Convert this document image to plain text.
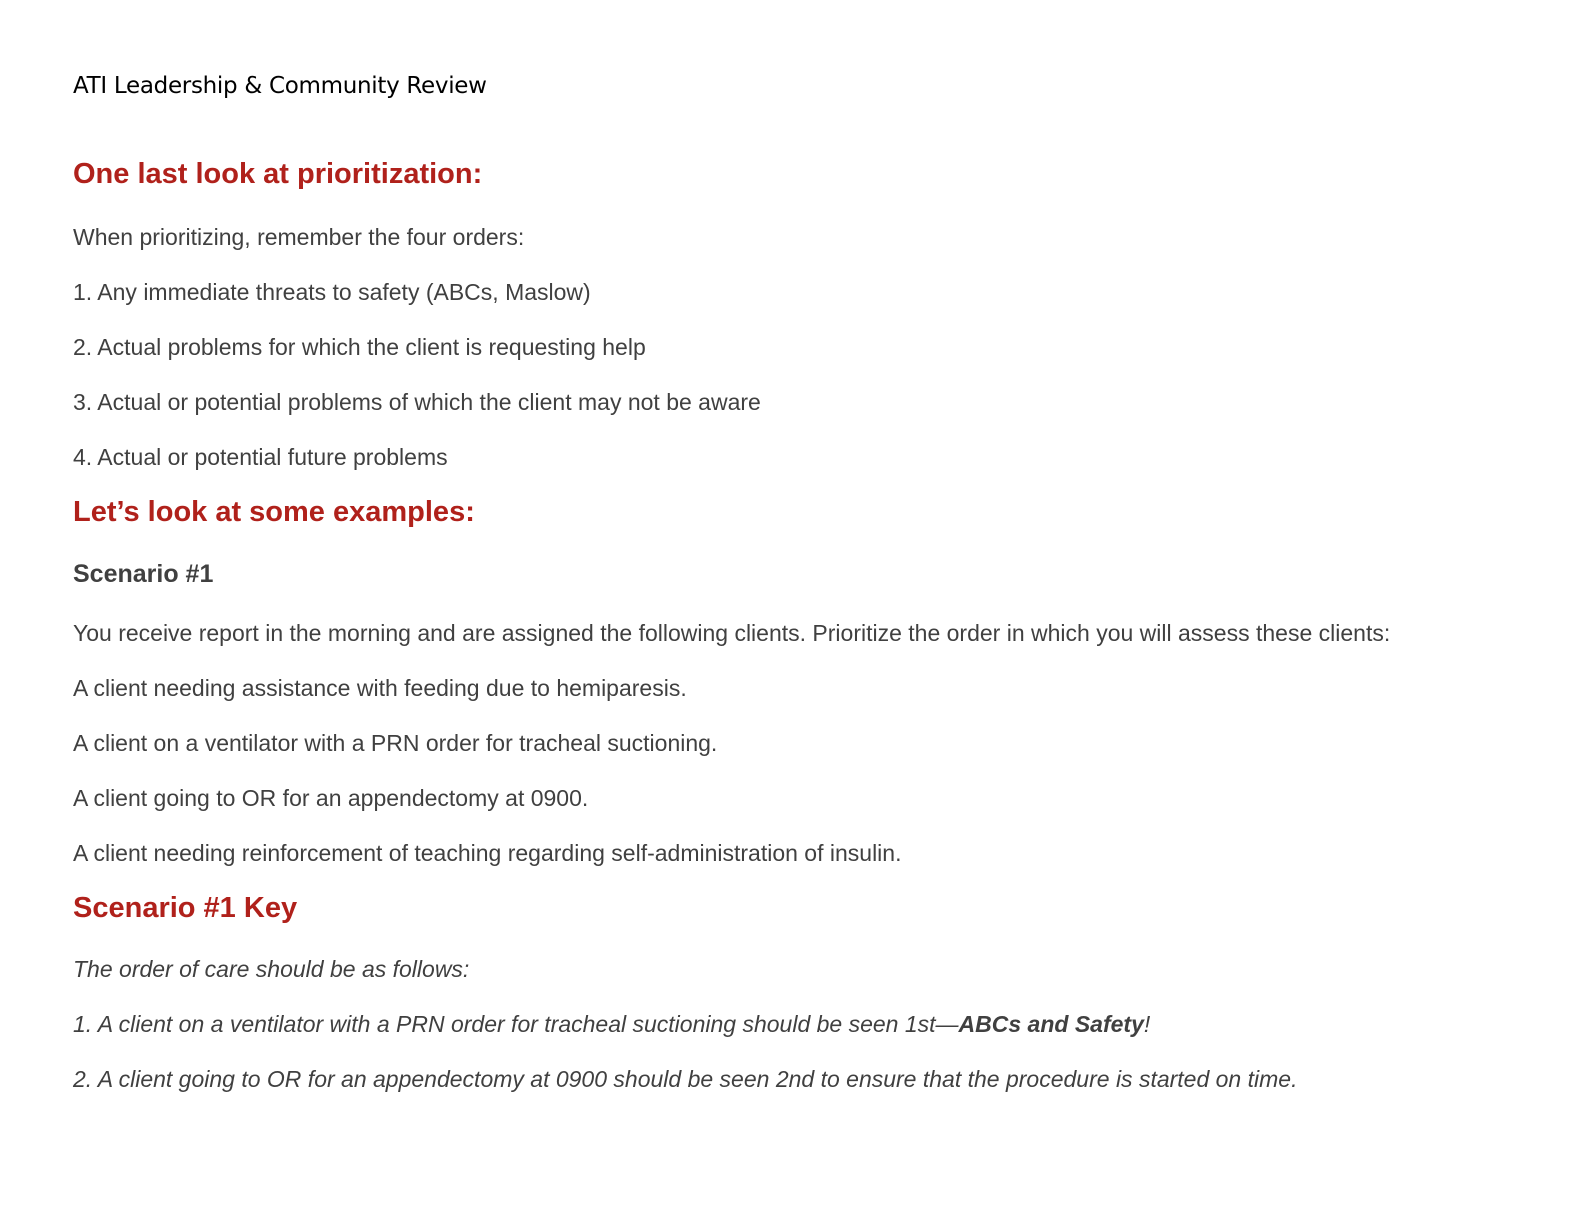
ATI Leadership & Community Review
One last look at prioritization:
When prioritizing, remember the four orders:
1. Any immediate threats to safety (ABCs, Maslow)
2. Actual problems for which the client is requesting help
3. Actual or potential problems of which the client may not be aware
4. Actual or potential future problems
Let’s look at some examples:
Scenario #1
You receive report in the morning and are assigned the following clients. Prioritize the order in which you will assess these clients:
A client needing assistance with feeding due to hemiparesis.
A client on a ventilator with a PRN order for tracheal suctioning.
A client going to OR for an appendectomy at 0900.
A client needing reinforcement of teaching regarding self-administration of insulin.
Scenario #1 Key
The order of care should be as follows:
1. A client on a ventilator with a PRN order for tracheal suctioning should be seen 1st—ABCs and Safety!
2. A client going to OR for an appendectomy at 0900 should be seen 2nd to ensure that the procedure is started on time.
